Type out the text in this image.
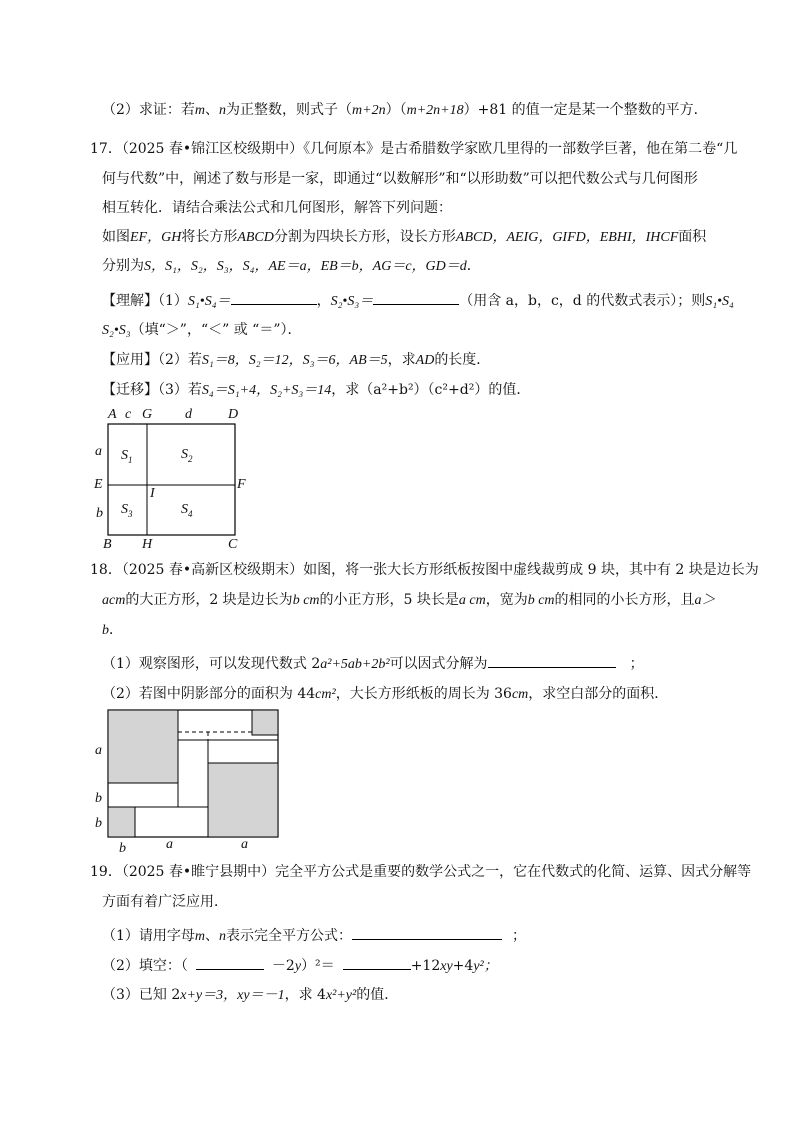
（2）求证：若m、n为正整数，则式子（m+2n）（m+2n+18）+81 的值一定是某一个整数的平方．
17．（2025 春•锦江区校级期中）《几何原本》是古希腊数学家欧几里得的一部数学巨著，他在第二卷“几
何与代数”中，阐述了数与形是一家，即通过“以数解形”和“以形助数”可以把代数公式与几何图形
相互转化．请结合乘法公式和几何图形，解答下列问题：
如图EF，GH将长方形ABCD分割为四块长方形，设长方形ABCD，AEIG，GIFD，EBHI，IHCF面积
分别为S，S₁，S₂，S₃，S₄，AE＝a，EB＝b，AG＝c，GD＝d．
【理解】（1）S₁•S₄＝	，S₂•S₃＝	（用含 a，b，c，d 的代数式表示）；则S₁•S₄
S₂•S₃（填“＞”，“＜” 或 “＝”）．
【应用】（2）若S₁＝8，S₂＝12，S₃＝6，AB＝5，求AD的长度．
【迁移】（3）若S₄＝S₁+4，S₂+S₃＝14，求（a²+b²）（c²+d²）的值．
A c G d	D
a
E	F
I
b
B H	C
$S_1$	$S_2$
$S_3$	$S_4$
18．（2025 春•高新区校级期末）如图，将一张大长方形纸板按图中虚线裁剪成 9 块，其中有 2 块是边长为
acm的大正方形，2 块是边长为b cm的小正方形，5 块长是a cm，宽为b cm的相同的小长方形，且a＞
b．
（1）观察图形，可以发现代数式 2a²+5ab+2b²可以因式分解为	；
（2）若图中阴影部分的面积为 44cm²，大长方形纸板的周长为 36cm，求空白部分的面积．
a
b
b
b	a	a
19．（2025 春•睢宁县期中）完全平方公式是重要的数学公式之一，它在代数式的化简、运算、因式分解等
方面有着广泛应用．
（1）请用字母m、n表示完全平方公式：	；
（2）填空：（	－2y）²＝	+12xy+4y²；
（3）已知 2x+y＝3，xy＝－1，求 4x²+y²的值．
